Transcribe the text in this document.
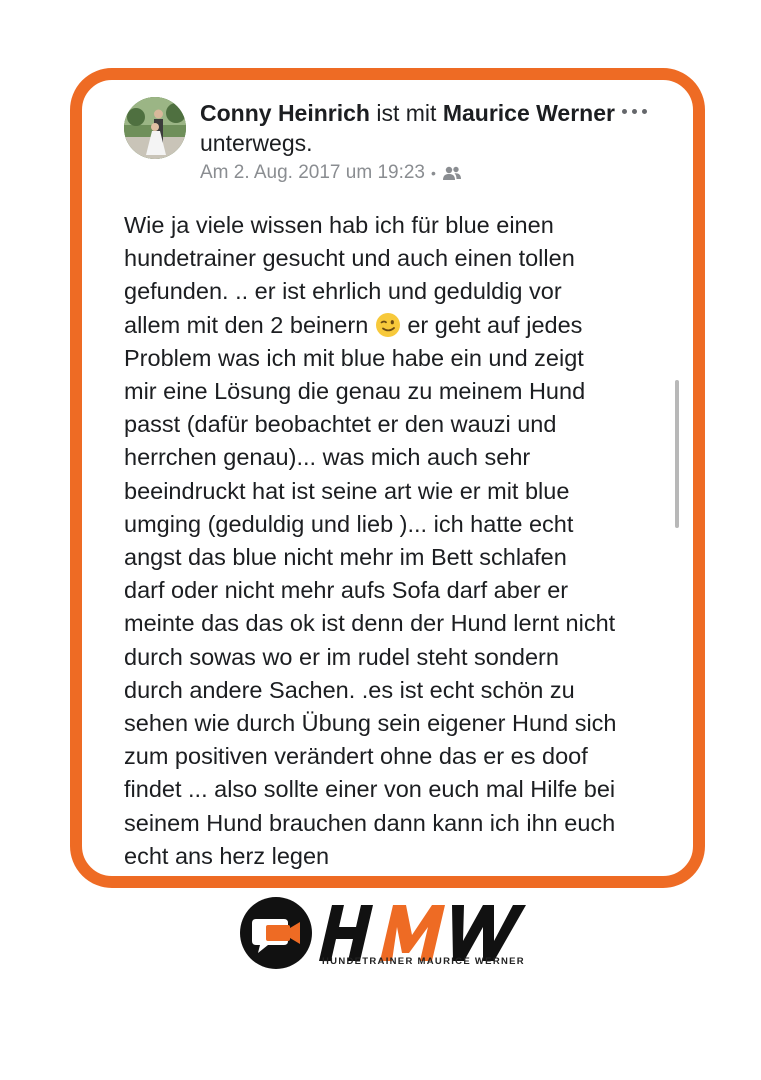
Conny Heinrich ist mit Maurice Werner unterwegs.
Am 2. Aug. 2017 um 19:23 •
Wie ja viele wissen hab ich für blue einen
hundetrainer gesucht und auch einen tollen
gefunden. .. er ist ehrlich und geduldig vor
allem mit den 2 beinern er geht auf jedes
Problem was ich mit blue habe ein und zeigt
mir eine Lösung die genau zu meinem Hund
passt (dafür beobachtet er den wauzi und
herrchen genau)... was mich auch sehr
beeindruckt hat ist seine art wie er mit blue
umging (geduldig und lieb )... ich hatte echt
angst das blue nicht mehr im Bett schlafen
darf oder nicht mehr aufs Sofa darf aber er
meinte das das ok ist denn der Hund lernt nicht
durch sowas wo er im rudel steht sondern
durch andere Sachen. .es ist echt schön zu
sehen wie durch Übung sein eigener Hund sich
zum positiven verändert ohne das er es doof
findet ... also sollte einer von euch mal Hilfe bei
seinem Hund brauchen dann kann ich ihn euch
echt ans herz legen
HUNDETRAINER MAURICE WERNER
